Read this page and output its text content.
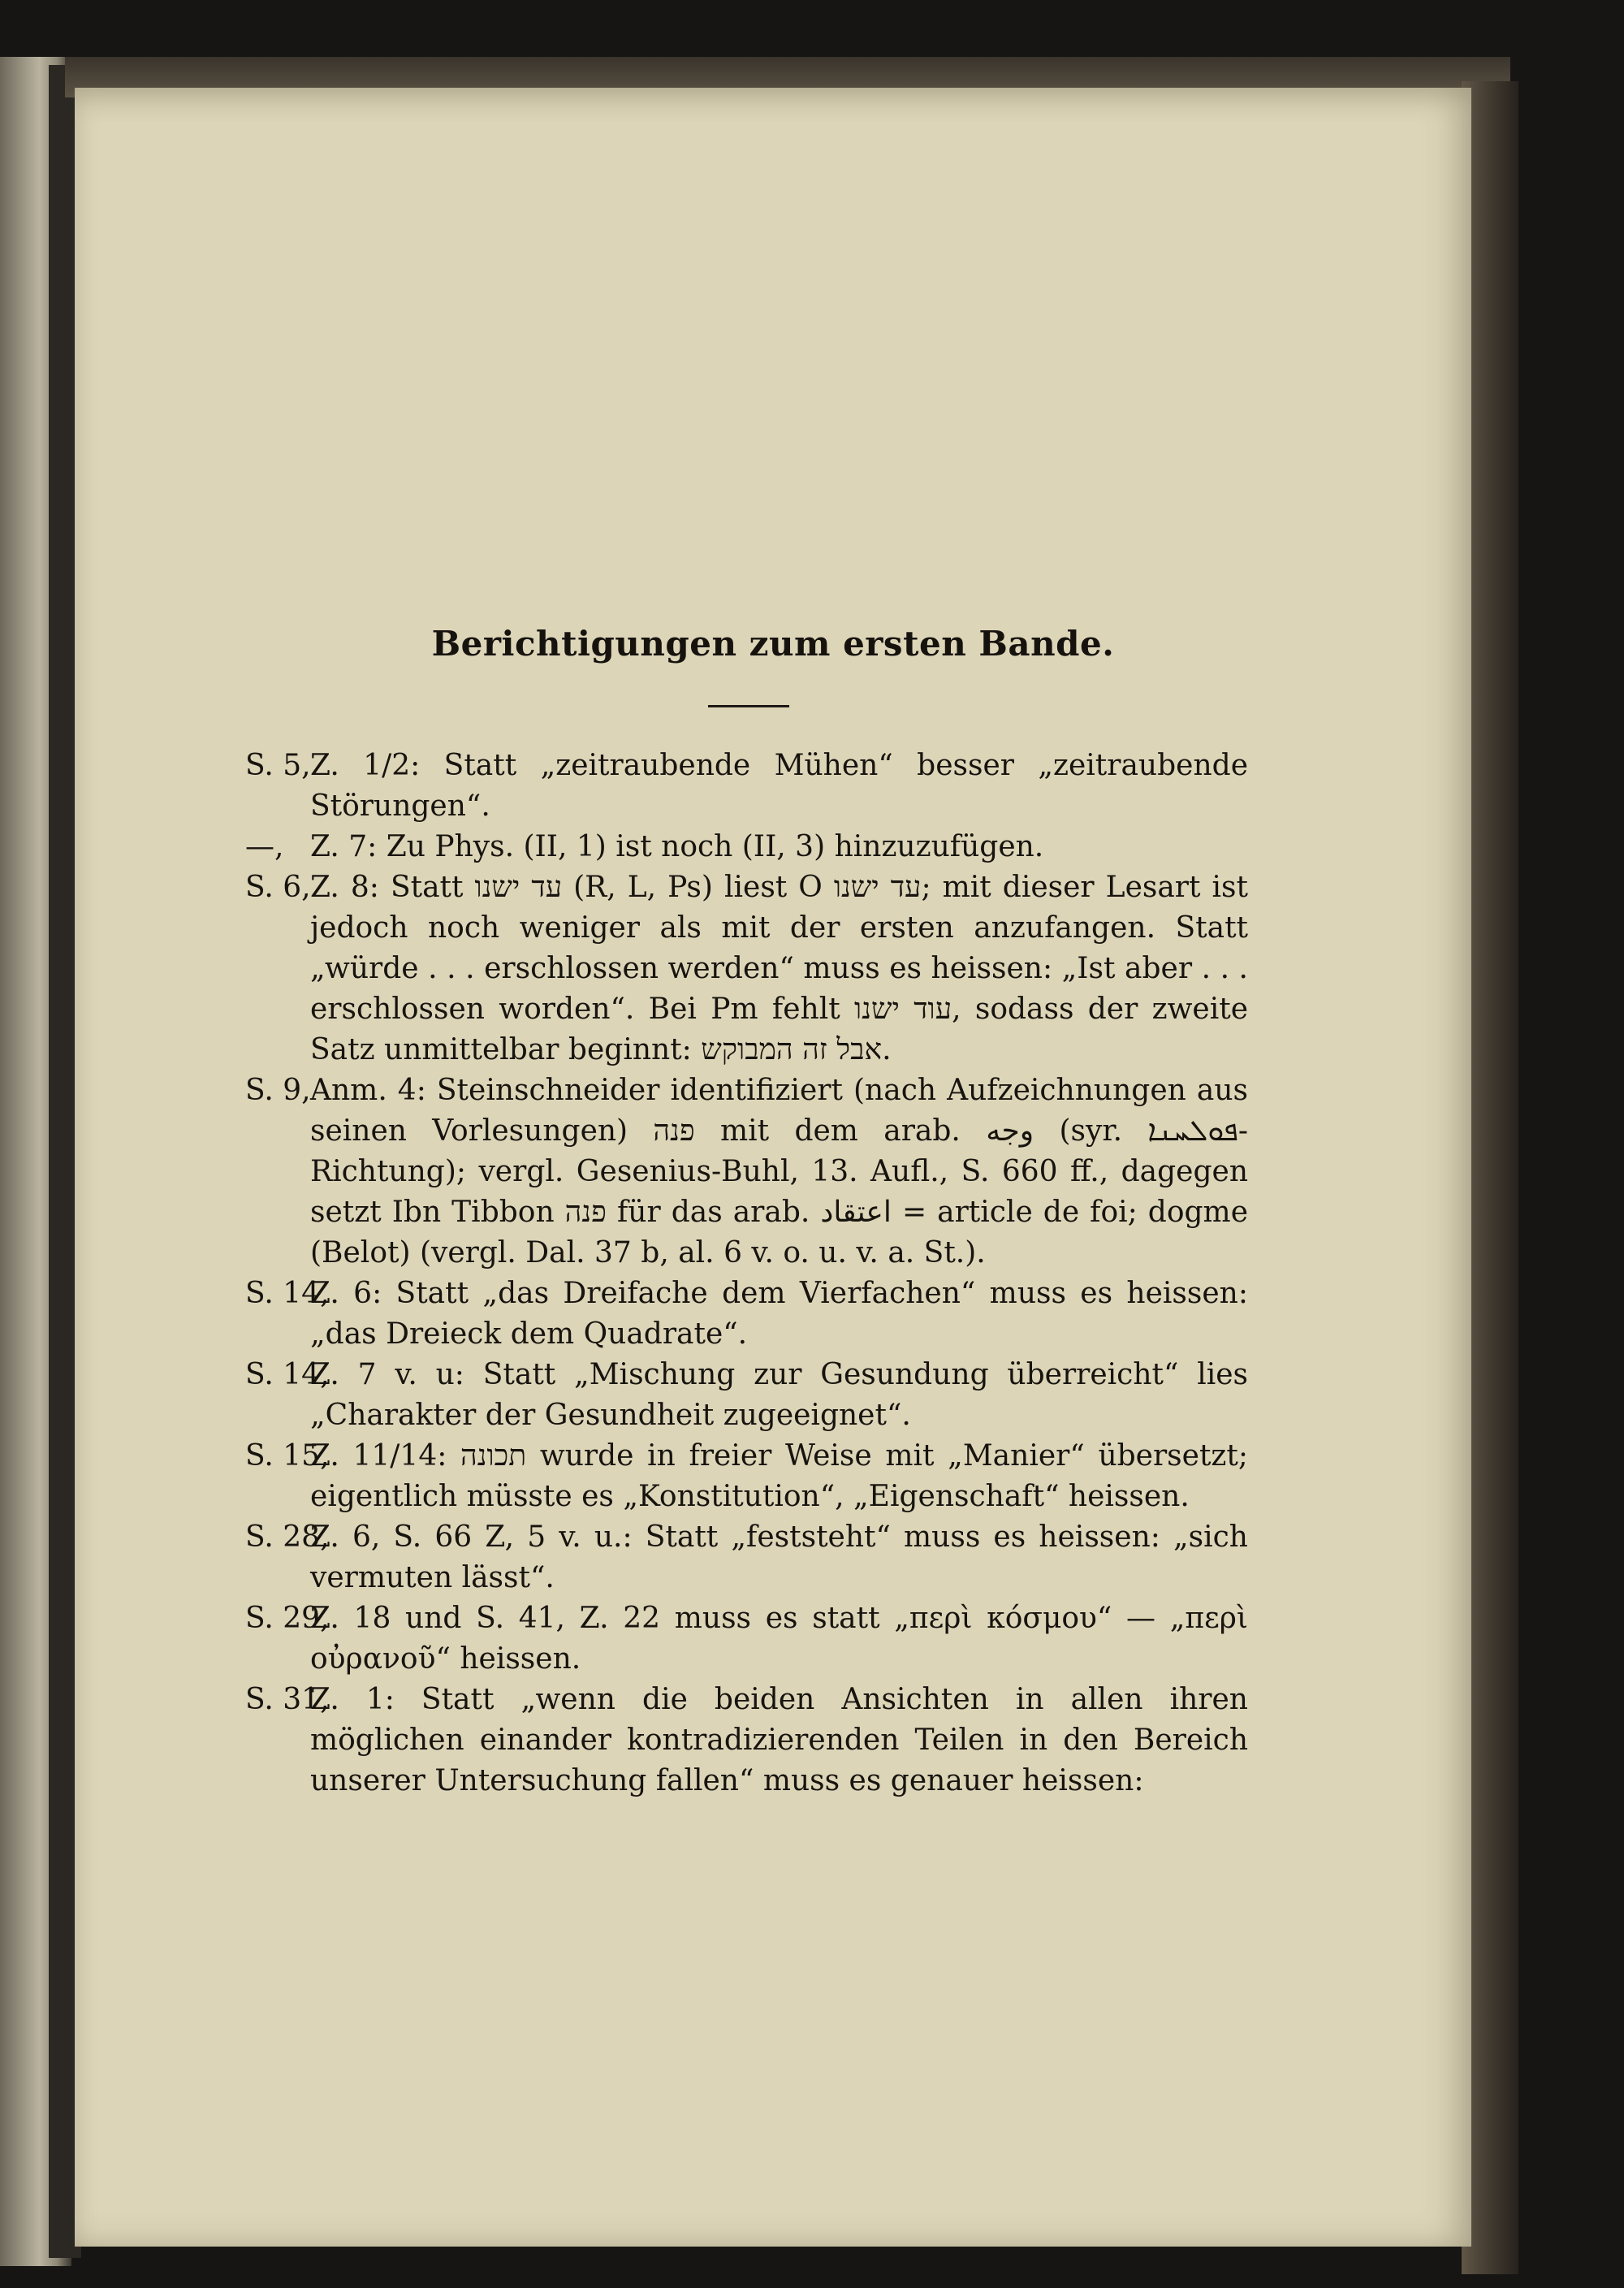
Berichtigungen zum ersten Bande.
S. 5, Z. 1/2: Statt „zeitraubende Mühen“ besser „zeitraubende Störungen“.
—, Z. 7: Zu Phys. (II, 1) ist noch (II, 3) hinzuzufügen.
S. 6, Z. 8: Statt עד ישנו (R, L, Ps) liest O עד ישנו; mit dieser Lesart ist jedoch noch weniger als mit der ersten anzufangen. Statt „würde . . . erschlossen werden“ muss es heissen: „Ist aber . . . erschlossen worden“. Bei Pm fehlt עוד ישנו, sodass der zweite Satz unmittelbar beginnt: אבל זה המבוקש.
S. 9, Anm. 4: Steinschneider identifiziert (nach Aufzeichnungen aus seinen Vorlesungen) פנה mit dem arab. وجه (syr. ܦܘܠܚܢܐ-Richtung); vergl. Gesenius-Buhl, 13. Aufl., S. 660 ff., dagegen setzt Ibn Tibbon פנה für das arab. اعتقاد = article de foi; dogme (Belot) (vergl. Dal. 37 b, al. 6 v. o. u. v. a. St.).
S. 14,
Z. 6: Statt „das Dreifache dem Vierfachen“ muss es heissen: „das Dreieck dem Quadrate“.
S. 14,
Z. 7 v. u: Statt „Mischung zur Gesundung überreicht“ lies „Charakter der Gesundheit zugeeignet“.
S. 15,
Z. 11/14: תכונה wurde in freier Weise mit „Manier“ übersetzt; eigentlich müsste es „Konstitution“, „Eigenschaft“ heissen.
S. 28,
Z. 6, S. 66 Z, 5 v. u.: Statt „feststeht“ muss es heissen: „sich vermuten lässt“.
S. 29,
Z. 18 und S. 41, Z. 22 muss es statt „περὶ κόσμου“ — „περὶ οὐρανοῦ“ heissen.
S. 31,
Z. 1: Statt „wenn die beiden Ansichten in allen ihren möglichen einander kontradizierenden Teilen in den Bereich unserer Untersuchung fallen“ muss es genauer heissen:
